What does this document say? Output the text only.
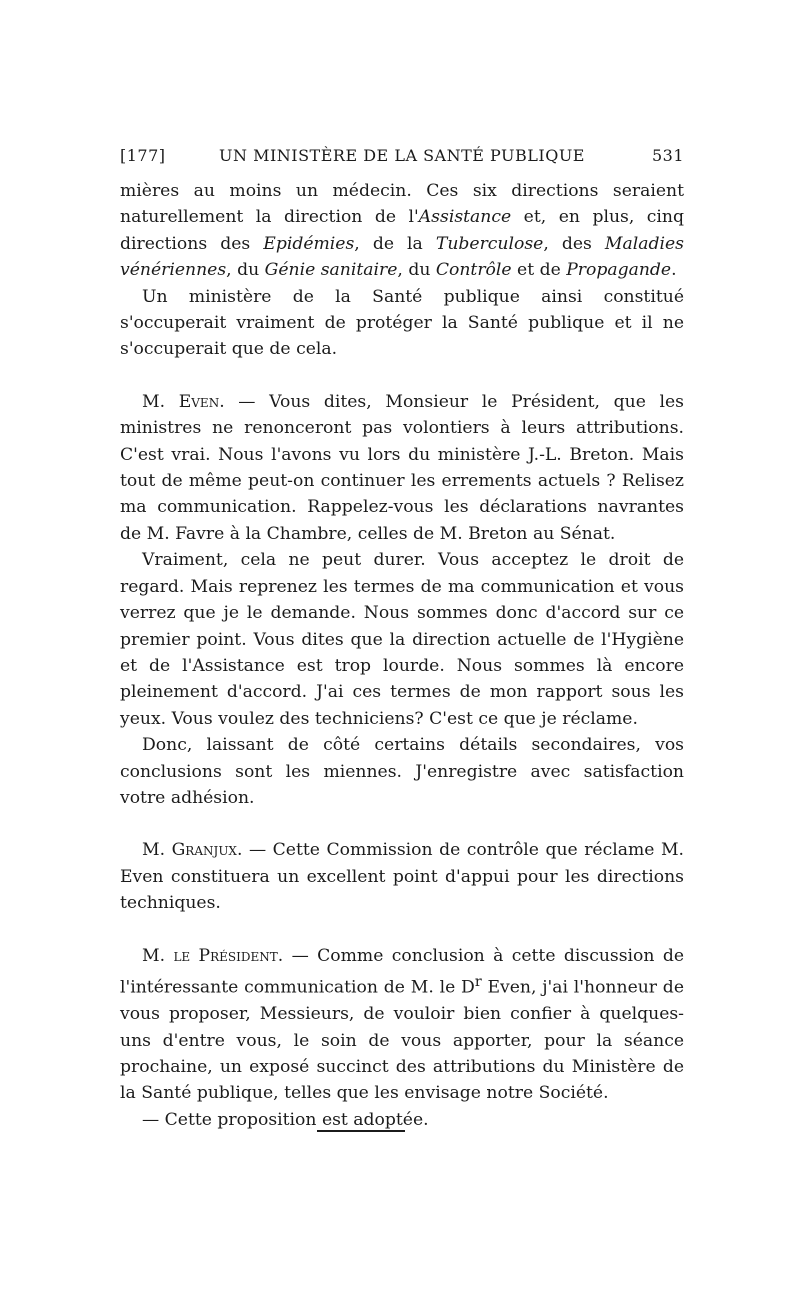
[177]	UN MINISTÈRE DE LA SANTÉ PUBLIQUE	531

mières au moins un médecin. Ces six directions seraient naturellement la direction de l'Assistance et, en plus, cinq directions des Epidémies, de la Tuberculose, des Maladies vénériennes, du Génie sanitaire, du Contrôle et de Propagande.

Un ministère de la Santé publique ainsi constitué s'occuperait vraiment de protéger la Santé publique et il ne s'occuperait que de cela.

M. Even. — Vous dites, Monsieur le Président, que les ministres ne renonceront pas volontiers à leurs attributions. C'est vrai. Nous l'avons vu lors du ministère J.-L. Breton. Mais tout de même peut-on continuer les errements actuels ? Relisez ma communication. Rappelez-vous les déclarations navrantes de M. Favre à la Chambre, celles de M. Breton au Sénat.

Vraiment, cela ne peut durer. Vous acceptez le droit de regard. Mais reprenez les termes de ma communication et vous verrez que je le demande. Nous sommes donc d'accord sur ce premier point. Vous dites que la direction actuelle de l'Hygiène et de l'Assistance est trop lourde. Nous sommes là encore pleinement d'accord. J'ai ces termes de mon rapport sous les yeux. Vous voulez des techniciens? C'est ce que je réclame.

Donc, laissant de côté certains détails secondaires, vos conclusions sont les miennes. J'enregistre avec satisfaction votre adhésion.

M. Granjux. — Cette Commission de contrôle que réclame M. Even constituera un excellent point d'appui pour les directions techniques.

M. le Président. — Comme conclusion à cette discussion de l'intéressante communication de M. le $D^r$ Even, j'ai l'honneur de vous proposer, Messieurs, de vouloir bien confier à quelques-uns d'entre vous, le soin de vous apporter, pour la séance prochaine, un exposé succinct des attributions du Ministère de la Santé publique, telles que les envisage notre Société.

— Cette proposition est adoptée.
